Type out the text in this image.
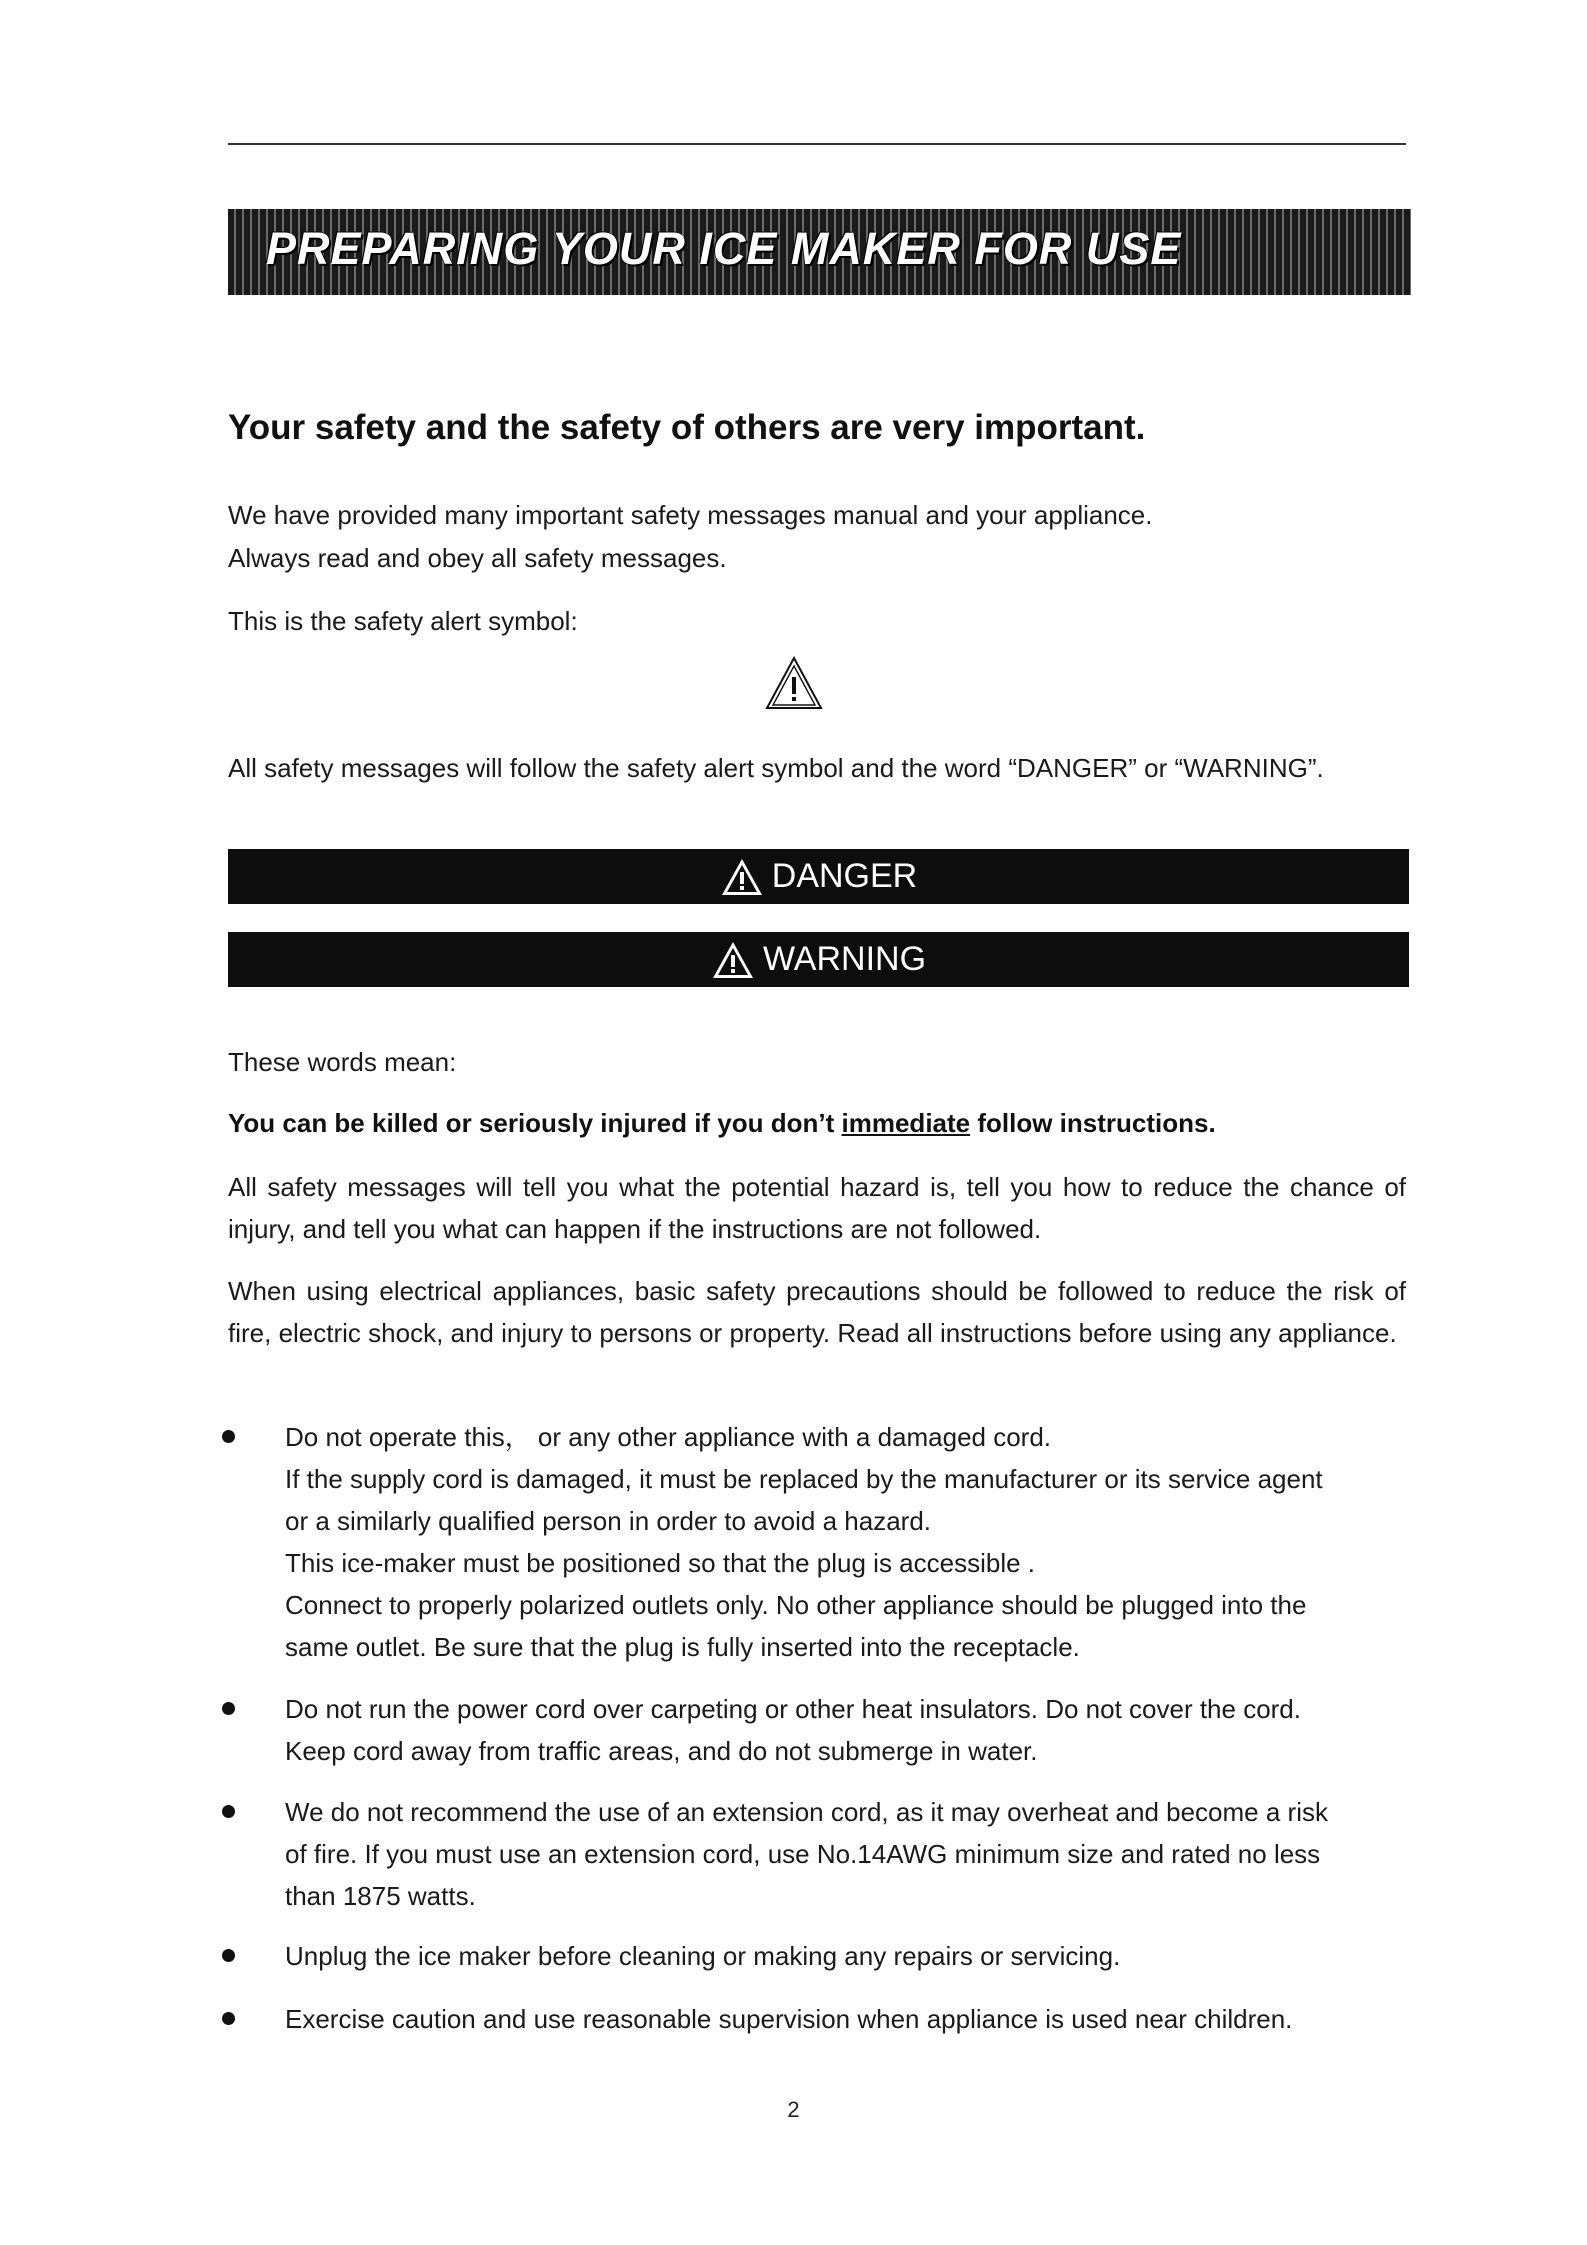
PREPARING YOUR ICE MAKER FOR USE
Your safety and the safety of others are very important.
We have provided many important safety messages manual and your appliance.
Always read and obey all safety messages.
This is the safety alert symbol:
All safety messages will follow the safety alert symbol and the word “DANGER” or “WARNING”.
DANGER
WARNING
These words mean:
You can be killed or seriously injured if you don’t immediate follow instructions.
All safety messages will tell you what the potential hazard is, tell you how to reduce the chance of injury, and tell you what can happen if the instructions are not followed.
When using electrical appliances, basic safety precautions should be followed to reduce the risk of fire, electric shock, and injury to persons or property. Read all instructions before using any appliance.
Do not operate this， or any other appliance with a damaged cord.
If the supply cord is damaged, it must be replaced by the manufacturer or its service agent
or a similarly qualified person in order to avoid a hazard.
This ice-maker must be positioned so that the plug is accessible .
Connect to properly polarized outlets only. No other appliance should be plugged into the
same outlet. Be sure that the plug is fully inserted into the receptacle.
Do not run the power cord over carpeting or other heat insulators. Do not cover the cord.
Keep cord away from traffic areas, and do not submerge in water.
We do not recommend the use of an extension cord, as it may overheat and become a risk
of fire. If you must use an extension cord, use No.14AWG minimum size and rated no less
than 1875 watts.
Unplug the ice maker before cleaning or making any repairs or servicing.
Exercise caution and use reasonable supervision when appliance is used near children.
2
